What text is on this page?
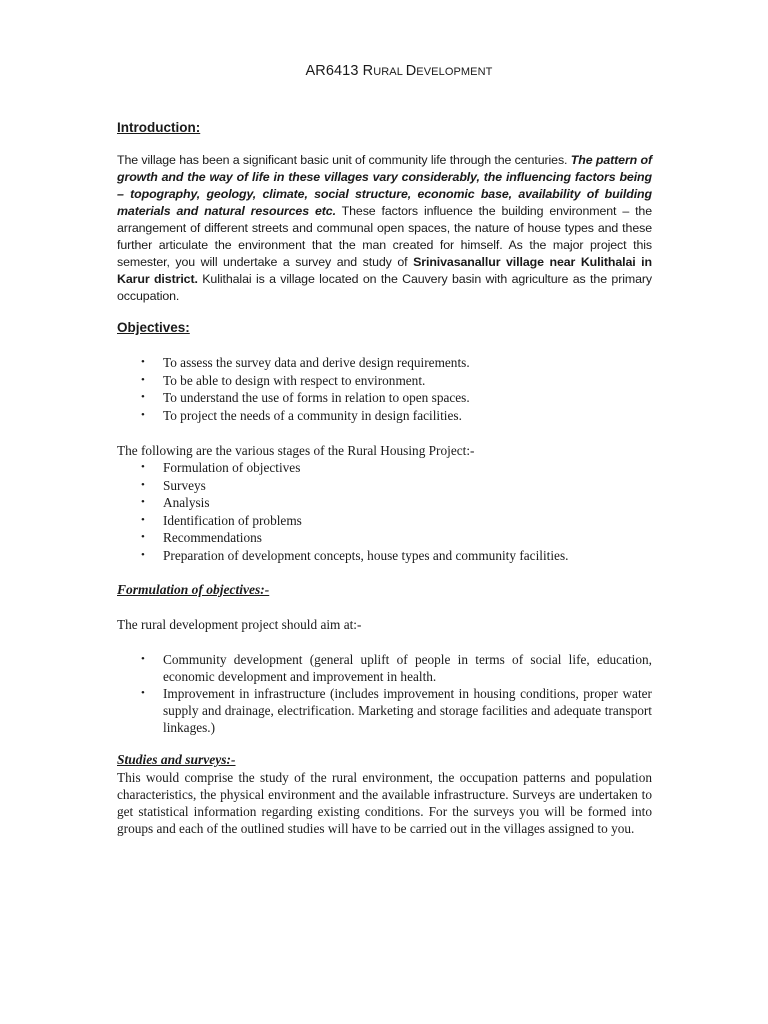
AR6413 RURAL DEVELOPMENT
Introduction:
The village has been a significant basic unit of community life through the centuries. The pattern of growth and the way of life in these villages vary considerably, the influencing factors being – topography, geology, climate, social structure, economic base, availability of building materials and natural resources etc. These factors influence the building environment – the arrangement of different streets and communal open spaces, the nature of house types and these further articulate the environment that the man created for himself. As the major project this semester, you will undertake a survey and study of Srinivasanallur village near Kulithalai in Karur district. Kulithalai is a village located on the Cauvery basin with agriculture as the primary occupation.
Objectives:
• To assess the survey data and derive design requirements.
• To be able to design with respect to environment.
• To understand the use of forms in relation to open spaces.
• To project the needs of a community in design facilities.
The following are the various stages of the Rural Housing Project:-
• Formulation of objectives
• Surveys
• Analysis
• Identification of problems
• Recommendations
• Preparation of development concepts, house types and community facilities.
Formulation of objectives:-
The rural development project should aim at:-
• Community development (general uplift of people in terms of social life, education, economic development and improvement in health.
• Improvement in infrastructure (includes improvement in housing conditions, proper water supply and drainage, electrification. Marketing and storage facilities and adequate transport linkages.)
Studies and surveys:-
This would comprise the study of the rural environment, the occupation patterns and population characteristics, the physical environment and the available infrastructure. Surveys are undertaken to get statistical information regarding existing conditions. For the surveys you will be formed into groups and each of the outlined studies will have to be carried out in the villages assigned to you.
